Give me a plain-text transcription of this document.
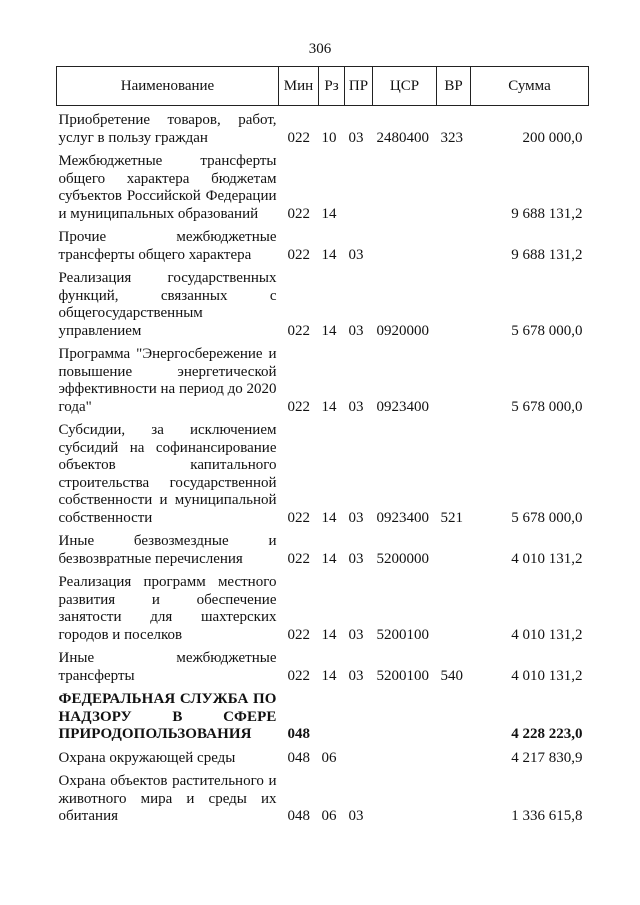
306
Наименование	Мин	Рз	ПР	ЦСР	ВР	Сумма

Приобретение товаров, работ, услуг в пользу граждан	022	10	03	2480400	323	200 000,0

Межбюджетные трансферты общего характера бюджетам субъектов Российской Федерации и муниципальных образований	022	14				9 688 131,2

Прочие межбюджетные трансферты общего характера	022	14	03			9 688 131,2

Реализация государственных функций, связанных с общегосударственным управлением	022	14	03	0920000		5 678 000,0

Программа "Энергосбережение и повышение энергетической эффективности на период до 2020 года"	022	14	03	0923400		5 678 000,0

Субсидии, за исключением субсидий на софинансирование объектов капитального строительства государственной собственности и муниципальной собственности	022	14	03	0923400	521	5 678 000,0

Иные безвозмездные и безвозвратные перечисления	022	14	03	5200000		4 010 131,2

Реализация программ местного развития и обеспечение занятости для шахтерских городов и поселков	022	14	03	5200100		4 010 131,2

Иные межбюджетные трансферты	022	14	03	5200100	540	4 010 131,2

ФЕДЕРАЛЬНАЯ СЛУЖБА ПО НАДЗОРУ В СФЕРЕ ПРИРОДОПОЛЬЗОВАНИЯ	048					4 228 223,0

Охрана окружающей среды	048	06				4 217 830,9

Охрана объектов растительного и животного мира и среды их обитания	048	06	03			1 336 615,8
